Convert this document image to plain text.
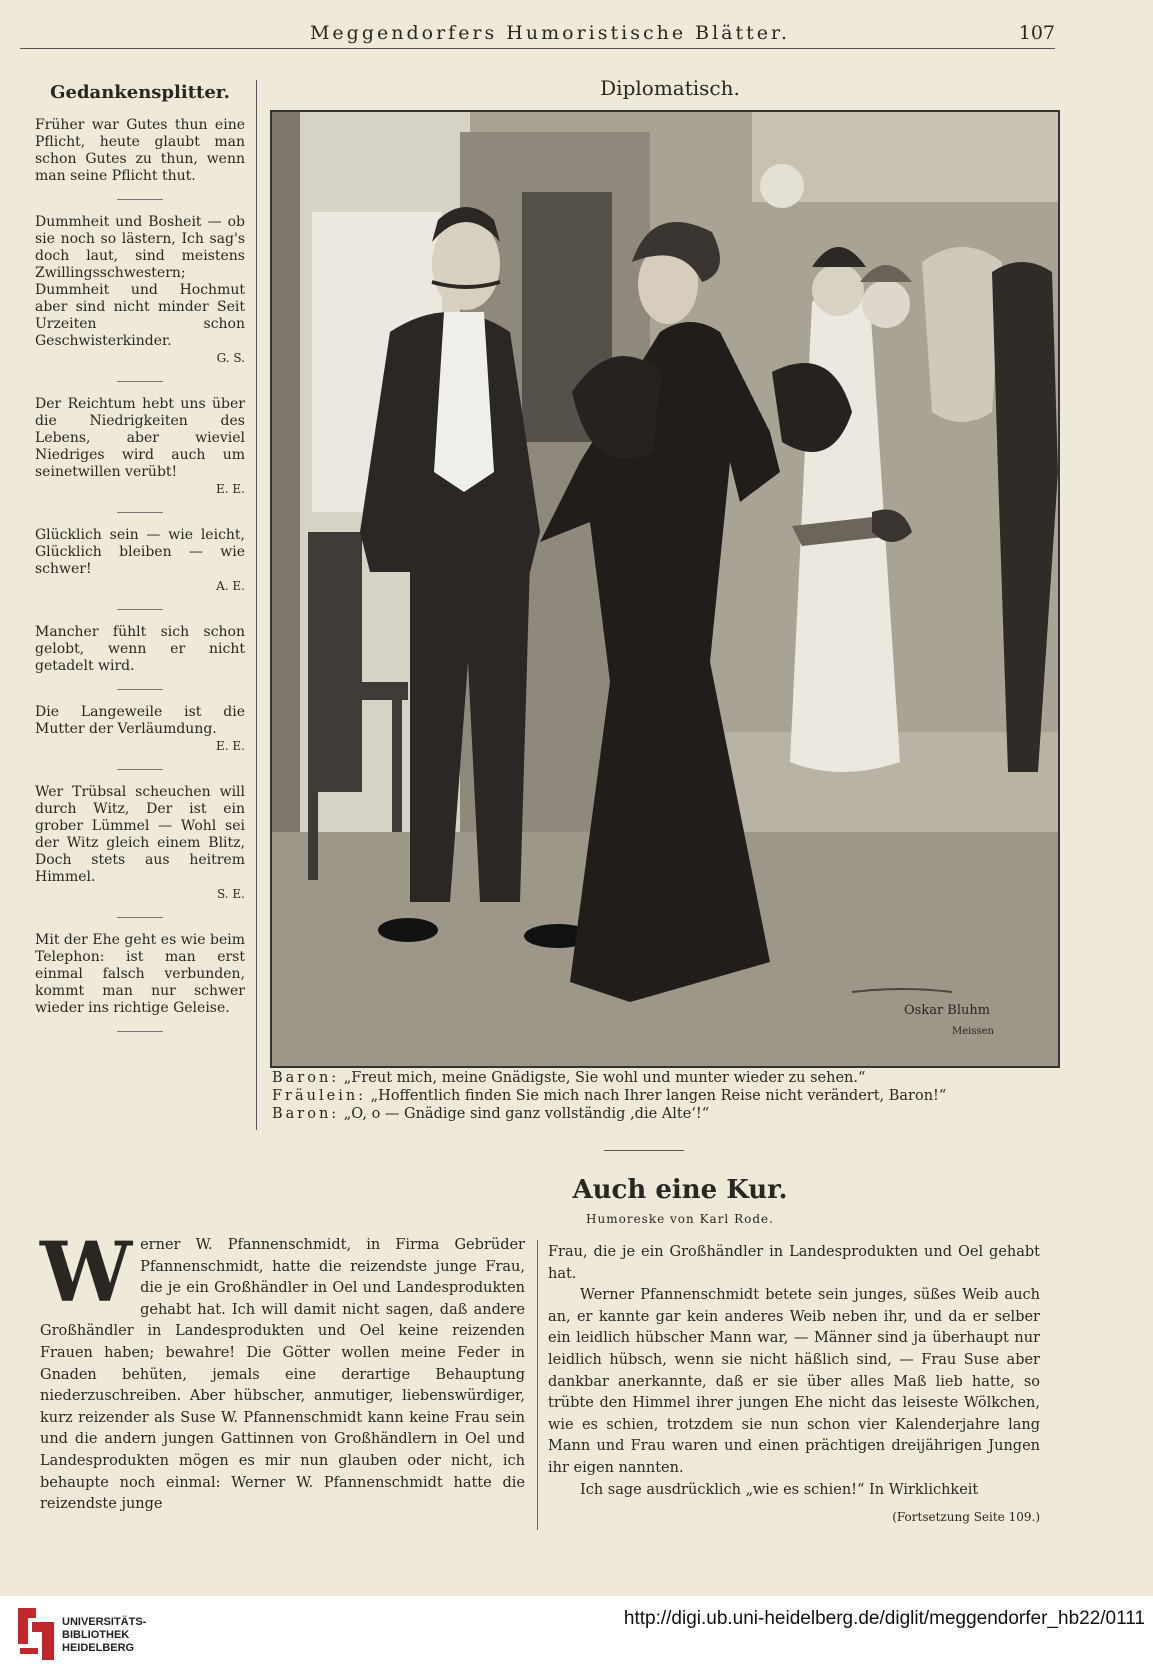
Meggendorfers Humoristische Blätter.	107
Gedankensplitter.
Früher war Gutes thun eine Pflicht, heute glaubt man schon Gutes zu thun, wenn man seine Pflicht thut.
Dummheit und Bosheit — ob sie noch so lästern, Ich sag's doch laut, sind meistens Zwillingsschwestern; Dummheit und Hochmut aber sind nicht minder Seit Urzeiten schon Geschwisterkinder.
G. S.
Der Reichtum hebt uns über die Niedrigkeiten des Lebens, aber wieviel Niedriges wird auch um seinetwillen verübt!
E. E.
Glücklich sein — wie leicht, Glücklich bleiben — wie schwer!
A. E.
Mancher fühlt sich schon gelobt, wenn er nicht getadelt wird.
Die Langeweile ist die Mutter der Verläumdung.
E. E.
Wer Trübsal scheuchen will durch Witz, Der ist ein grober Lümmel — Wohl sei der Witz gleich einem Blitz, Doch stets aus heitrem Himmel.
S. E.
Mit der Ehe geht es wie beim Telephon: ist man erst einmal falsch verbunden, kommt man nur schwer wieder ins richtige Geleise.
Diplomatisch.
Oskar Bluhm
Meissen
Baron: „Freut mich, meine Gnädigste, Sie wohl und munter wieder zu sehen.“
Fräulein: „Hoffentlich finden Sie mich nach Ihrer langen Reise nicht verändert, Baron!“
Baron: „O, o — Gnädige sind ganz vollständig ‚die Alte‘!“
Auch eine Kur.
Humoreske von Karl Rode.
W erner W. Pfannenschmidt, in Firma Gebrüder Pfannenschmidt, hatte die reizendste junge Frau, die je ein Großhändler in Oel und Landesprodukten gehabt hat. Ich will damit nicht sagen, daß andere Großhändler in Landesprodukten und Oel keine reizenden Frauen haben; bewahre! Die Götter wollen meine Feder in Gnaden behüten, jemals eine derartige Behauptung niederzuschreiben. Aber hübscher, anmutiger, liebenswürdiger, kurz reizender als Suse W. Pfannenschmidt kann keine Frau sein und die andern jungen Gattinnen von Großhändlern in Oel und Landesprodukten mögen es mir nun glauben oder nicht, ich behaupte noch einmal: Werner W. Pfannenschmidt hatte die reizendste junge
Frau, die je ein Großhändler in Landesprodukten und Oel gehabt hat.
Werner Pfannenschmidt betete sein junges, süßes Weib auch an, er kannte gar kein anderes Weib neben ihr, und da er selber ein leidlich hübscher Mann war, — Männer sind ja überhaupt nur leidlich hübsch, wenn sie nicht häßlich sind, — Frau Suse aber dankbar anerkannte, daß er sie über alles Maß lieb hatte, so trübte den Himmel ihrer jungen Ehe nicht das leiseste Wölkchen, wie es schien, trotzdem sie nun schon vier Kalenderjahre lang Mann und Frau waren und einen prächtigen dreijährigen Jungen ihr eigen nannten.
Ich sage ausdrücklich „wie es schien!“ In Wirklichkeit
(Fortsetzung Seite 109.)
UNIVERSITÄTS-
BIBLIOTHEK
HEIDELBERG
http://digi.ub.uni-heidelberg.de/diglit/meggendorfer_hb22/0111
